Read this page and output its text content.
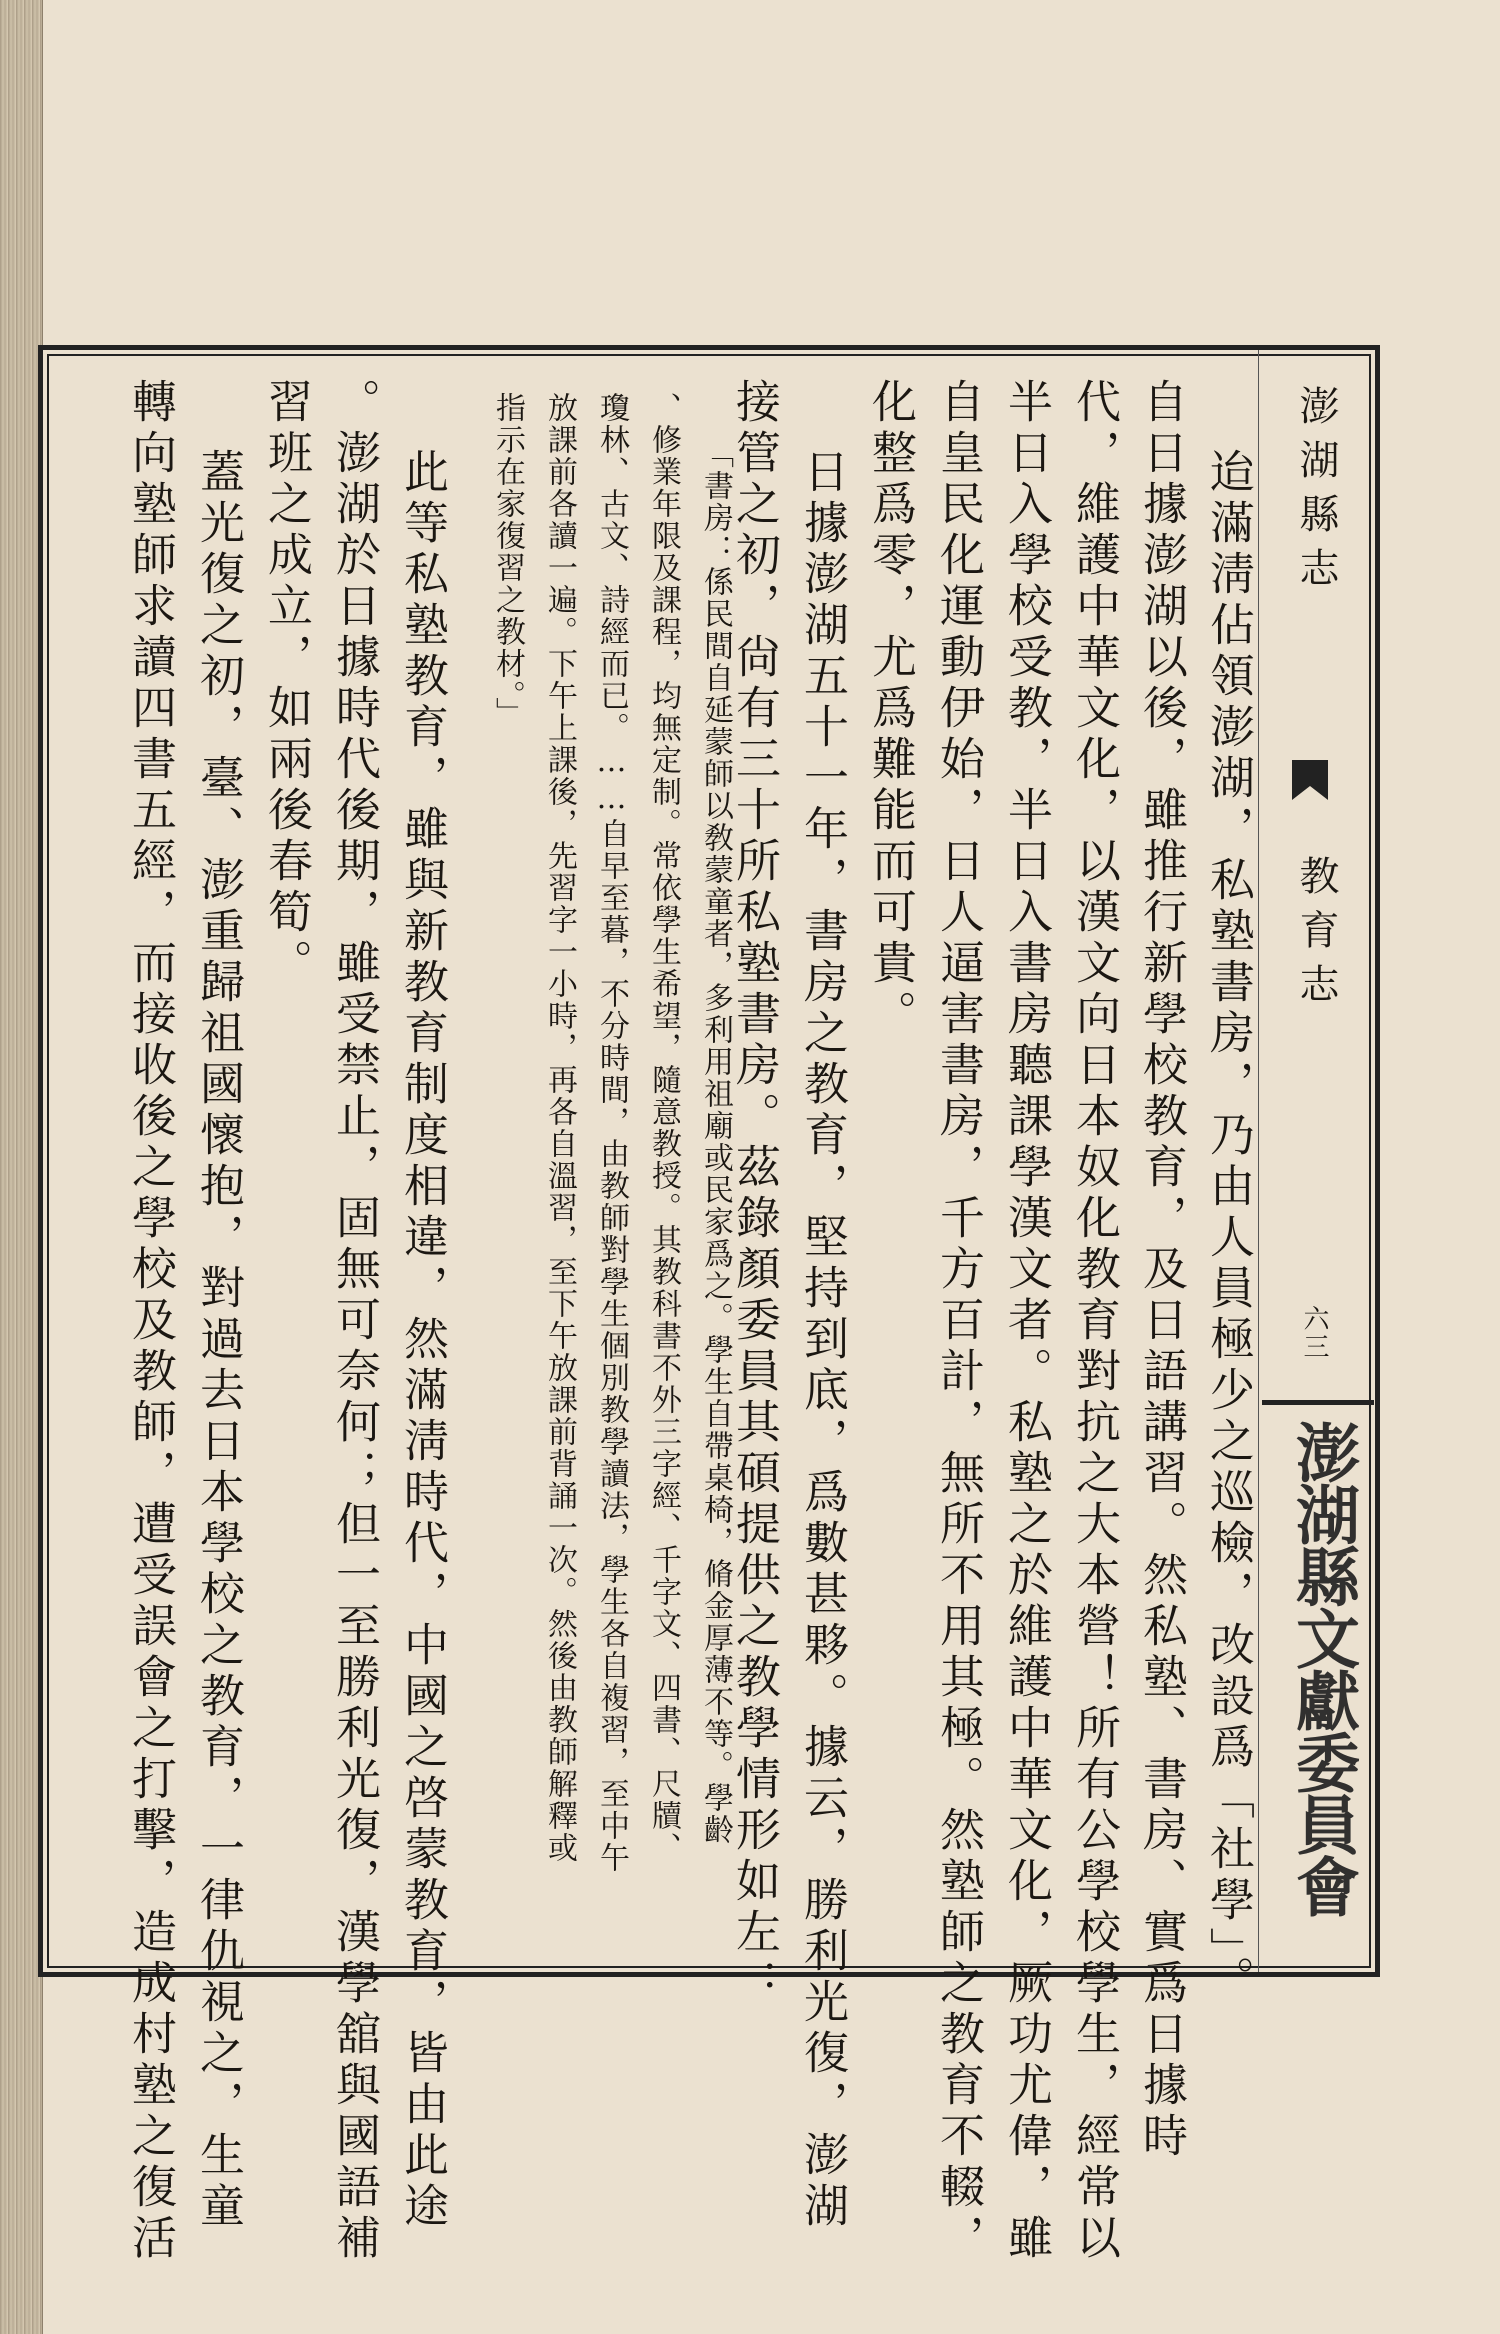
澎湖縣志
教育志
六三
澎湖縣文獻委員會
迨滿淸佔領澎湖，私塾書房，乃由人員極少之巡檢，改設爲「社學」。
自日據澎湖以後，雖推行新學校教育，及日語講習。然私塾、書房、實爲日據時
代，維護中華文化，以漢文向日本奴化教育對抗之大本營！所有公學校學生，經常以
半日入學校受教，半日入書房聽課學漢文者。私塾之於維護中華文化，厥功尤偉，雖
自皇民化運動伊始，日人逼害書房，千方百計，無所不用其極。然塾師之教育不輟，
化整爲零，尤爲難能而可貴。
日據澎湖五十一年，書房之教育，堅持到底，爲數甚夥。據云，勝利光復，澎湖
接管之初，尙有三十所私塾書房。茲錄顏委員其碩提供之教學情形如左：
「書房：係民間自延蒙師以敎蒙童者，多利用祖廟或民家爲之。學生自帶桌椅，脩金厚薄不等。學齡
、修業年限及課程，均無定制。常依學生希望，隨意教授。其教科書不外三字經、千字文、四書、尺牘、
瓊林、古文、詩經而已。……自早至暮，不分時間，由教師對學生個別教學讀法，學生各自複習，至中午
放課前各讀一遍。下午上課後，先習字一小時，再各自溫習，至下午放課前背誦一次。然後由教師解釋或
指示在家復習之教材。」
此等私塾教育，雖與新教育制度相違，然滿淸時代，中國之啓蒙教育，皆由此途
。澎湖於日據時代後期，雖受禁止，固無可奈何；但一至勝利光復，漢學舘與國語補
習班之成立，如兩後春筍。
蓋光復之初，臺、澎重歸祖國懷抱，對過去日本學校之教育，一律仇視之，生童
轉向塾師求讀四書五經，而接收後之學校及教師，遭受誤會之打擊，造成村塾之復活
